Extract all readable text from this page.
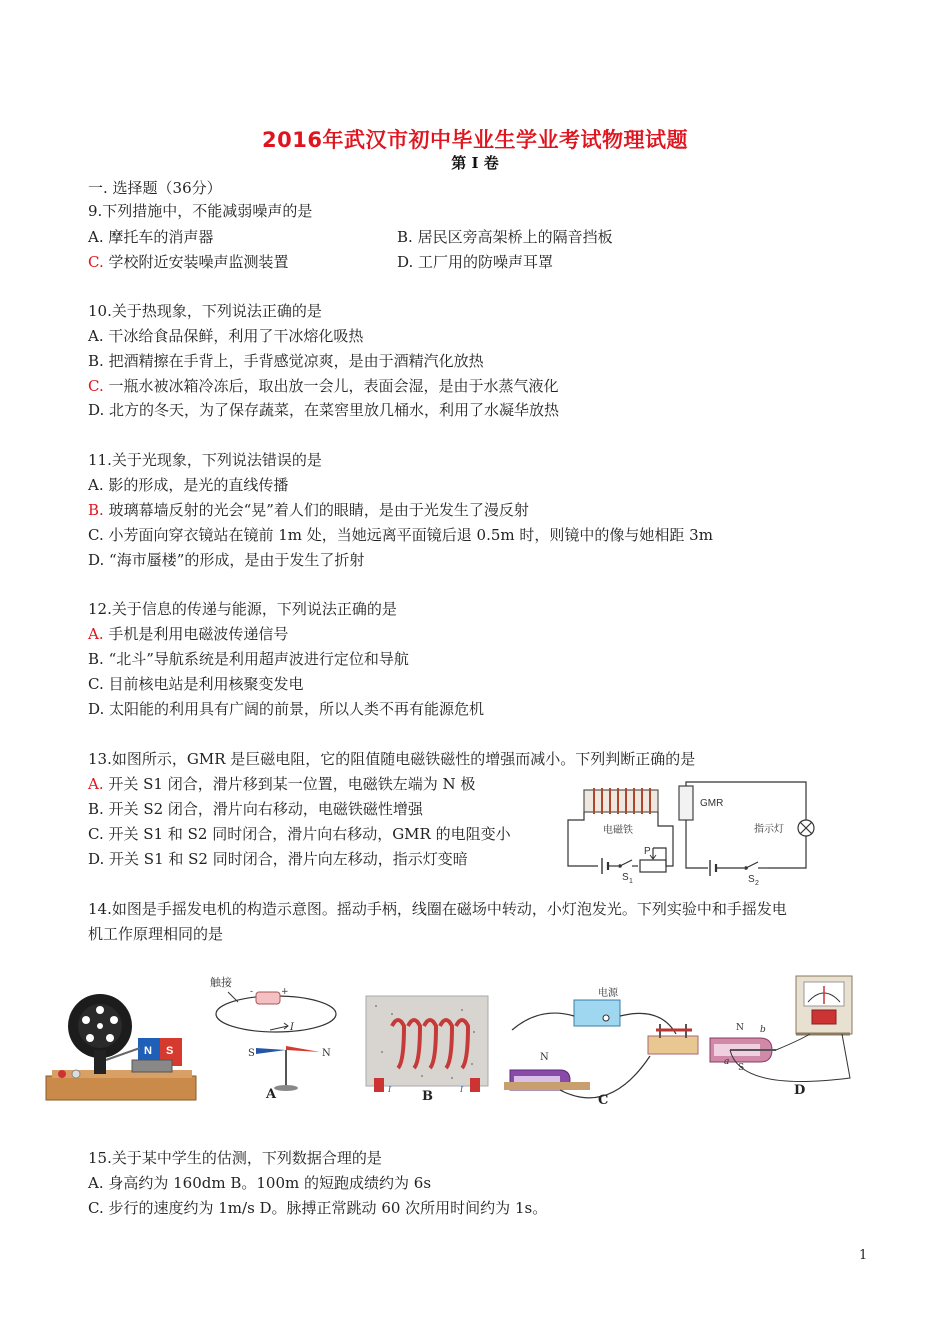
2016年武汉市初中毕业生学业考试物理试题
第 I 卷
一. 选择题（36分）
9.下列措施中，不能减弱噪声的是
A. 摩托车的消声器	B. 居民区旁高架桥上的隔音挡板
C. 学校附近安装噪声监测装置	D. 工厂用的防噪声耳罩
10.关于热现象，下列说法正确的是
A. 干冰给食品保鲜，利用了干冰熔化吸热
B. 把酒精擦在手背上，手背感觉凉爽，是由于酒精汽化放热
C. 一瓶水被冰箱冷冻后，取出放一会儿，表面会湿，是由于水蒸气液化
D. 北方的冬天，为了保存蔬菜，在菜窖里放几桶水，利用了水凝华放热
11.关于光现象，下列说法错误的是
A. 影的形成，是光的直线传播
B. 玻璃幕墙反射的光会“晃”着人们的眼睛，是由于光发生了漫反射
C. 小芳面向穿衣镜站在镜前 1m 处，当她远离平面镜后退 0.5m 时，则镜中的像与她相距 3m
D. “海市蜃楼”的形成，是由于发生了折射
12.关于信息的传递与能源，下列说法正确的是
A. 手机是利用电磁波传递信号
B. “北斗”导航系统是利用超声波进行定位和导航
C. 目前核电站是利用核聚变发电
D. 太阳能的利用具有广阔的前景，所以人类不再有能源危机
13.如图所示，GMR 是巨磁电阻，它的阻值随电磁铁磁性的增强而减小。下列判断正确的是
A. 开关 S1 闭合，滑片移到某一位置，电磁铁左端为 N 极
B. 开关 S2 闭合，滑片向右移动，电磁铁磁性增强
C. 开关 S1 和 S2 同时闭合，滑片向右移动，GMR 的电阻变小
D. 开关 S1 和 S2 同时闭合，滑片向左移动，指示灯变暗
电磁铁
S 1
P
GMR
指示灯
S 2
14.如图是手摇发电机的构造示意图。摇动手柄，线圈在磁场中转动，小灯泡发光。下列实验中和手摇发电
机工作原理相同的是
N S
触接
+
-
I
S	N
A	I	I
B
电源
N
C
N
S
a
b
D
15.关于某中学生的估测，下列数据合理的是
A. 身高约为 160dm B。100m 的短跑成绩约为 6s
C. 步行的速度约为 1m/s D。脉搏正常跳动 60 次所用时间约为 1s。
1
